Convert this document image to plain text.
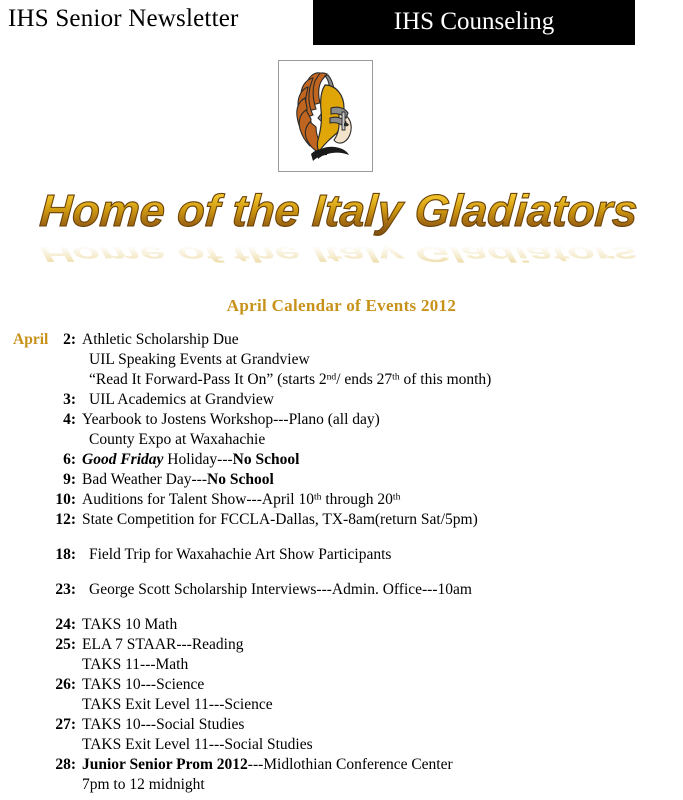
IHS Senior Newsletter	IHS Counseling
Home of the Italy Gladiators
Home of the Italy Gladiators
April Calendar of Events 2012
April 2: Athletic Scholarship Due
UIL Speaking Events at Grandview
“Read It Forward-Pass It On” (starts 2nd/ ends 27th of this month)
3: UIL Academics at Grandview
4: Yearbook to Jostens Workshop---Plano (all day)
County Expo at Waxahachie
6: Good Friday Holiday---No School
9: Bad Weather Day---No School
10: Auditions for Talent Show---April 10th through 20th
12: State Competition for FCCLA-Dallas, TX-8am(return Sat/5pm)
18: Field Trip for Waxahachie Art Show Participants
23: George Scott Scholarship Interviews---Admin. Office---10am
24: TAKS 10 Math
25: ELA 7 STAAR---Reading
TAKS 11---Math
26: TAKS 10---Science
TAKS Exit Level 11---Science
27: TAKS 10---Social Studies
TAKS Exit Level 11---Social Studies
28: Junior Senior Prom 2012---Midlothian Conference Center
7pm to 12 midnight
